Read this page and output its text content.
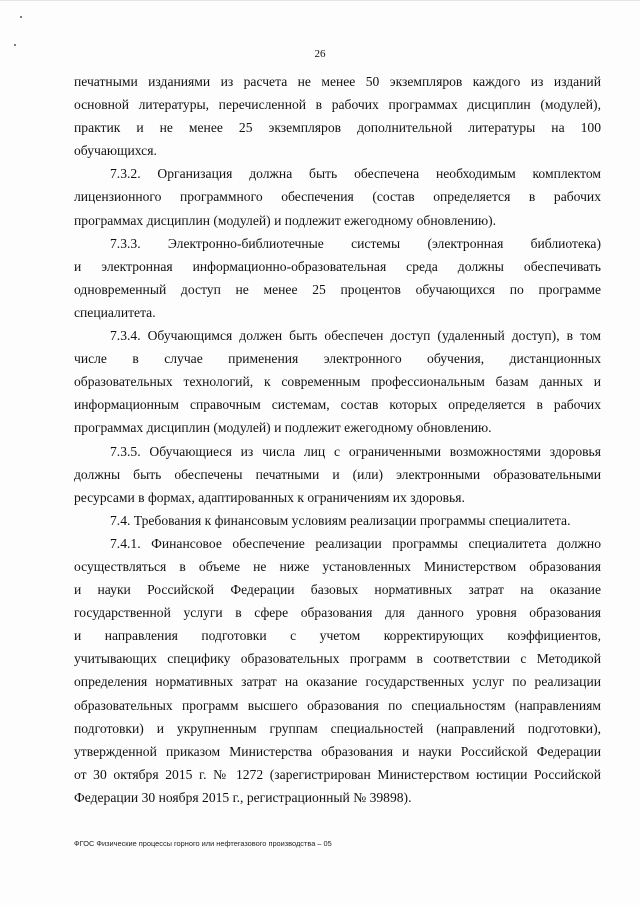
26
печатными изданиями из расчета не менее 50 экземпляров каждого из изданий
основной литературы, перечисленной в рабочих программах дисциплин (модулей),
практик и не менее 25 экземпляров дополнительной литературы на 100
обучающихся.
7.3.2. Организация должна быть обеспечена необходимым комплектом
лицензионного программного обеспечения (состав определяется в рабочих
программах дисциплин (модулей) и подлежит ежегодному обновлению).
7.3.3. Электронно-библиотечные системы (электронная библиотека)
и электронная информационно-образовательная среда должны обеспечивать
одновременный доступ не менее 25 процентов обучающихся по программе
специалитета.
7.3.4. Обучающимся должен быть обеспечен доступ (удаленный доступ), в том
числе в случае применения электронного обучения, дистанционных
образовательных технологий, к современным профессиональным базам данных и
информационным справочным системам, состав которых определяется в рабочих
программах дисциплин (модулей) и подлежит ежегодному обновлению.
7.3.5. Обучающиеся из числа лиц с ограниченными возможностями здоровья
должны быть обеспечены печатными и (или) электронными образовательными
ресурсами в формах, адаптированных к ограничениям их здоровья.
7.4. Требования к финансовым условиям реализации программы специалитета.
7.4.1. Финансовое обеспечение реализации программы специалитета должно
осуществляться в объеме не ниже установленных Министерством образования
и науки Российской Федерации базовых нормативных затрат на оказание
государственной услуги в сфере образования для данного уровня образования
и направления подготовки с учетом корректирующих коэффициентов,
учитывающих специфику образовательных программ в соответствии с Методикой
определения нормативных затрат на оказание государственных услуг по реализации
образовательных программ высшего образования по специальностям (направлениям
подготовки) и укрупненным группам специальностей (направлений подготовки),
утвержденной приказом Министерства образования и науки Российской Федерации
от 30 октября 2015 г. № 1272 (зарегистрирован Министерством юстиции Российской
Федерации 30 ноября 2015 г., регистрационный № 39898).
ФГОС Физические процессы горного или нефтегазового производства – 05
